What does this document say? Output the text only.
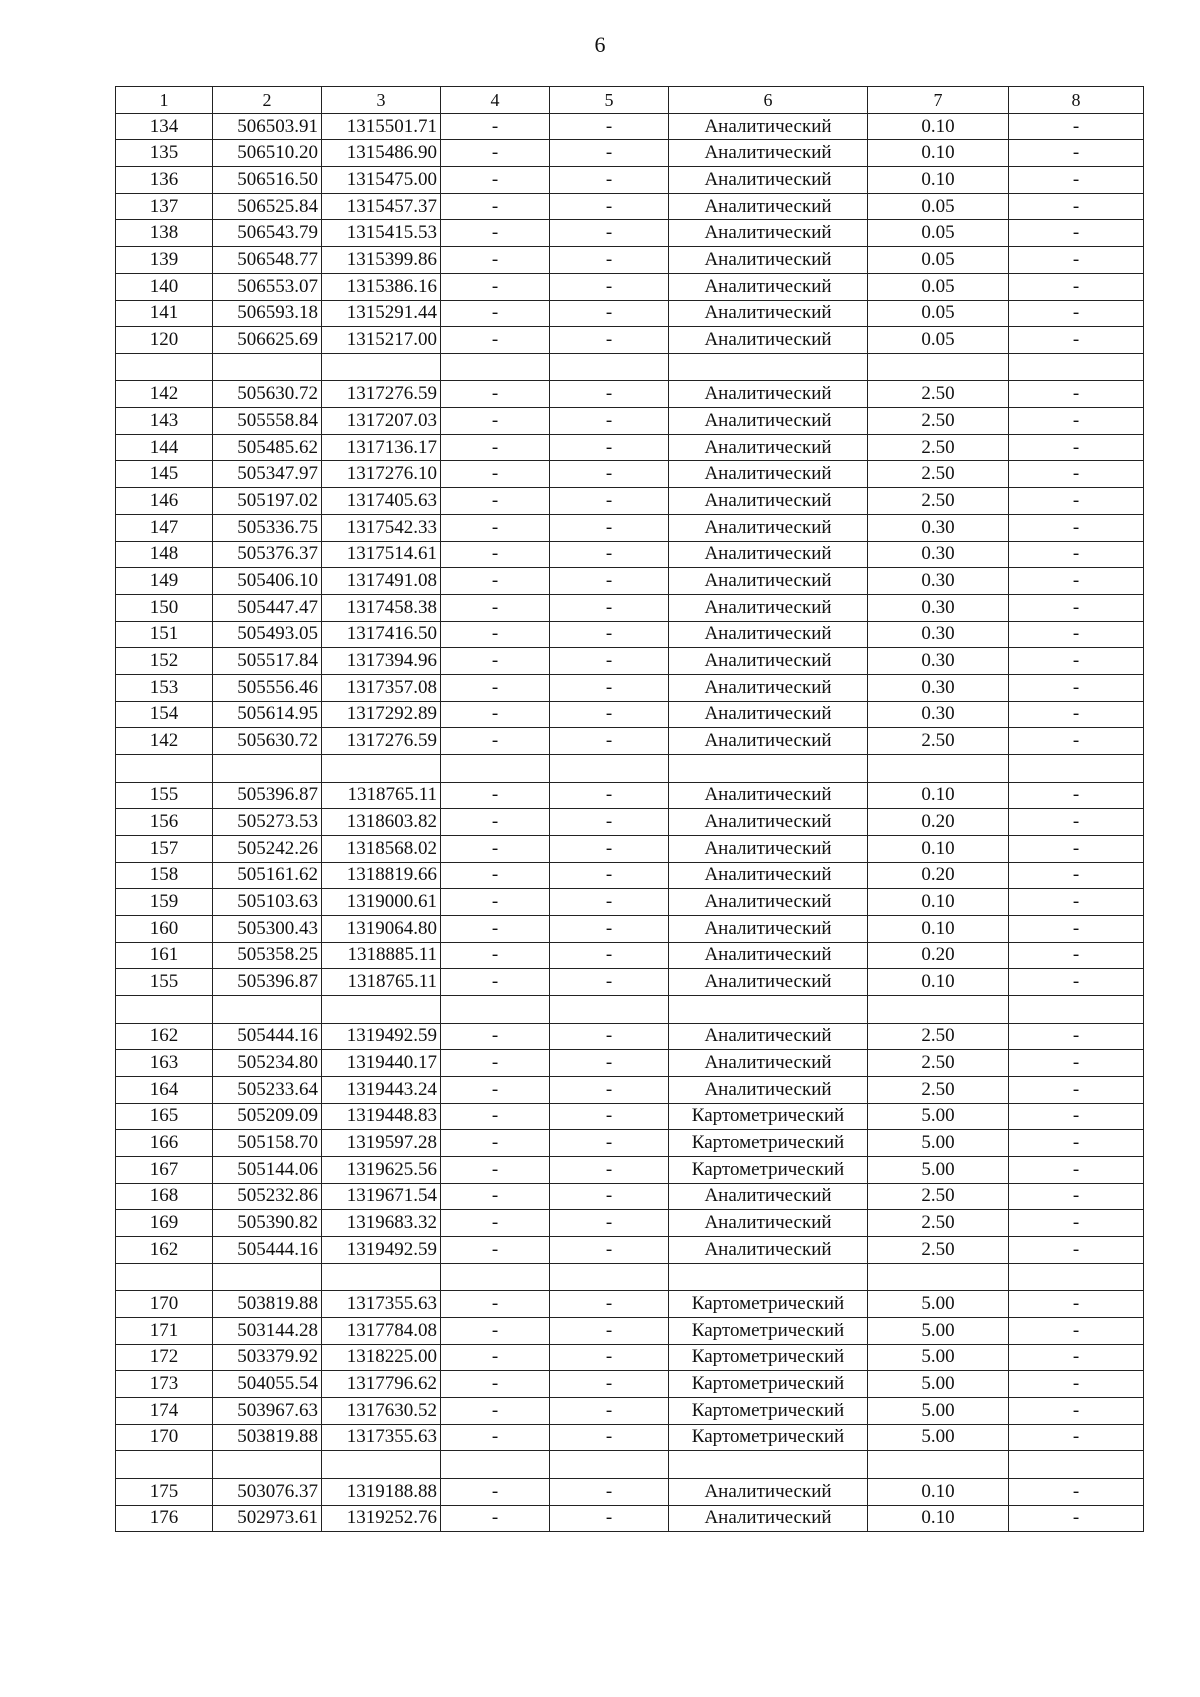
6
1	2	3	4	5	6	7	8
134	506503.91	1315501.71	-	-	Аналитический	0.10	-
135	506510.20	1315486.90	-	-	Аналитический	0.10	-
136	506516.50	1315475.00	-	-	Аналитический	0.10	-
137	506525.84	1315457.37	-	-	Аналитический	0.05	-
138	506543.79	1315415.53	-	-	Аналитический	0.05	-
139	506548.77	1315399.86	-	-	Аналитический	0.05	-
140	506553.07	1315386.16	-	-	Аналитический	0.05	-
141	506593.18	1315291.44	-	-	Аналитический	0.05	-
120	506625.69	1315217.00	-	-	Аналитический	0.05	-

142	505630.72	1317276.59	-	-	Аналитический	2.50	-
143	505558.84	1317207.03	-	-	Аналитический	2.50	-
144	505485.62	1317136.17	-	-	Аналитический	2.50	-
145	505347.97	1317276.10	-	-	Аналитический	2.50	-
146	505197.02	1317405.63	-	-	Аналитический	2.50	-
147	505336.75	1317542.33	-	-	Аналитический	0.30	-
148	505376.37	1317514.61	-	-	Аналитический	0.30	-
149	505406.10	1317491.08	-	-	Аналитический	0.30	-
150	505447.47	1317458.38	-	-	Аналитический	0.30	-
151	505493.05	1317416.50	-	-	Аналитический	0.30	-
152	505517.84	1317394.96	-	-	Аналитический	0.30	-
153	505556.46	1317357.08	-	-	Аналитический	0.30	-
154	505614.95	1317292.89	-	-	Аналитический	0.30	-
142	505630.72	1317276.59	-	-	Аналитический	2.50	-

155	505396.87	1318765.11	-	-	Аналитический	0.10	-
156	505273.53	1318603.82	-	-	Аналитический	0.20	-
157	505242.26	1318568.02	-	-	Аналитический	0.10	-
158	505161.62	1318819.66	-	-	Аналитический	0.20	-
159	505103.63	1319000.61	-	-	Аналитический	0.10	-
160	505300.43	1319064.80	-	-	Аналитический	0.10	-
161	505358.25	1318885.11	-	-	Аналитический	0.20	-
155	505396.87	1318765.11	-	-	Аналитический	0.10	-

162	505444.16	1319492.59	-	-	Аналитический	2.50	-
163	505234.80	1319440.17	-	-	Аналитический	2.50	-
164	505233.64	1319443.24	-	-	Аналитический	2.50	-
165	505209.09	1319448.83	-	-	Картометрический	5.00	-
166	505158.70	1319597.28	-	-	Картометрический	5.00	-
167	505144.06	1319625.56	-	-	Картометрический	5.00	-
168	505232.86	1319671.54	-	-	Аналитический	2.50	-
169	505390.82	1319683.32	-	-	Аналитический	2.50	-
162	505444.16	1319492.59	-	-	Аналитический	2.50	-

170	503819.88	1317355.63	-	-	Картометрический	5.00	-
171	503144.28	1317784.08	-	-	Картометрический	5.00	-
172	503379.92	1318225.00	-	-	Картометрический	5.00	-
173	504055.54	1317796.62	-	-	Картометрический	5.00	-
174	503967.63	1317630.52	-	-	Картометрический	5.00	-
170	503819.88	1317355.63	-	-	Картометрический	5.00	-

175	503076.37	1319188.88	-	-	Аналитический	0.10	-
176	502973.61	1319252.76	-	-	Аналитический	0.10	-
